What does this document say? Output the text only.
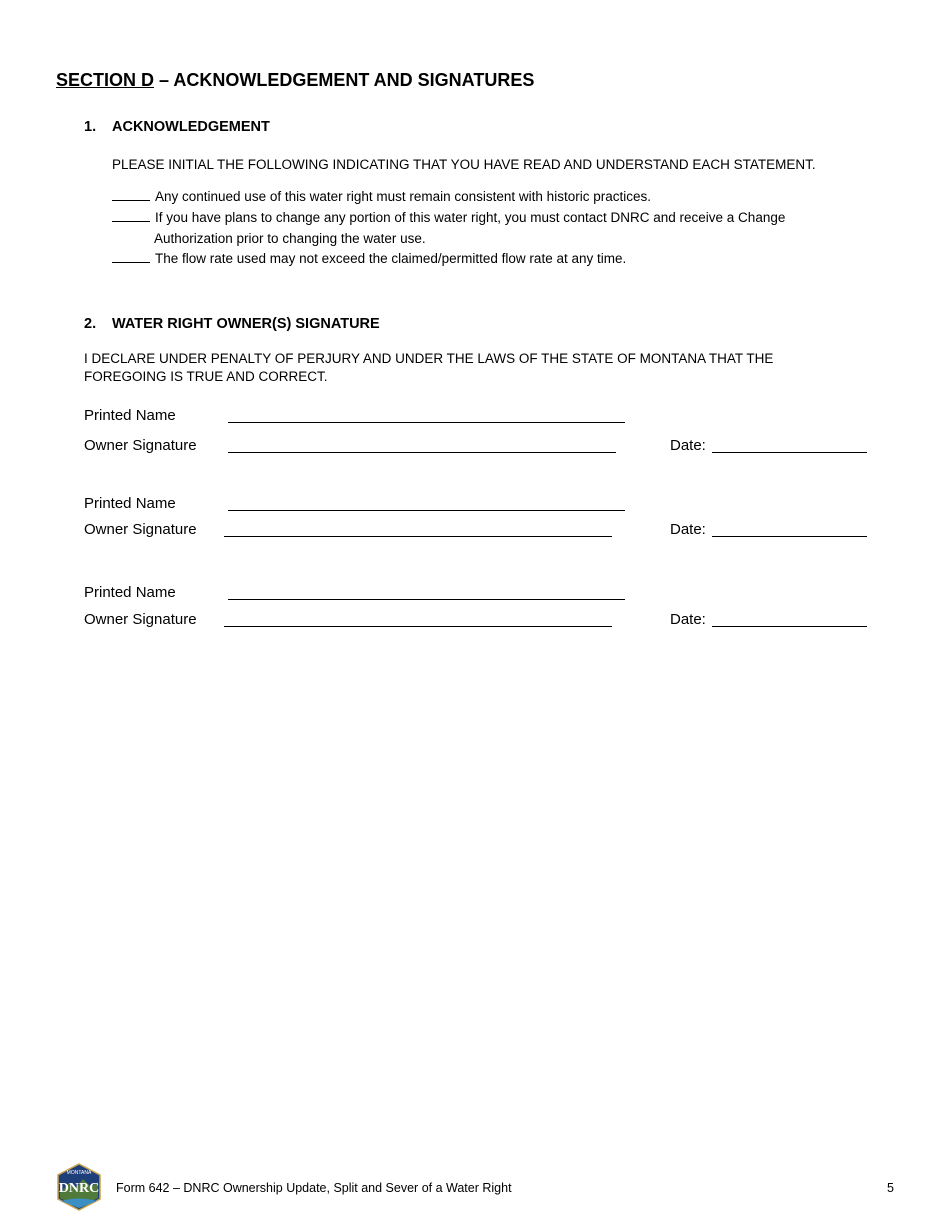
SECTION D – ACKNOWLEDGEMENT AND SIGNATURES
1. ACKNOWLEDGEMENT
PLEASE INITIAL THE FOLLOWING INDICATING THAT YOU HAVE READ AND UNDERSTAND EACH STATEMENT.
Any continued use of this water right must remain consistent with historic practices.
If you have plans to change any portion of this water right, you must contact DNRC and receive a Change
Authorization prior to changing the water use.
The flow rate used may not exceed the claimed/permitted flow rate at any time.
2. WATER RIGHT OWNER(S) SIGNATURE
I DECLARE UNDER PENALTY OF PERJURY AND UNDER THE LAWS OF THE STATE OF MONTANA THAT THE
FOREGOING IS TRUE AND CORRECT.
Printed Name
Owner Signature	Date:
Printed Name
Owner Signature	Date:
Printed Name
Owner Signature	Date:
MONTANA
DNRC Form 642 – DNRC Ownership Update, Split and Sever of a Water Right	5
